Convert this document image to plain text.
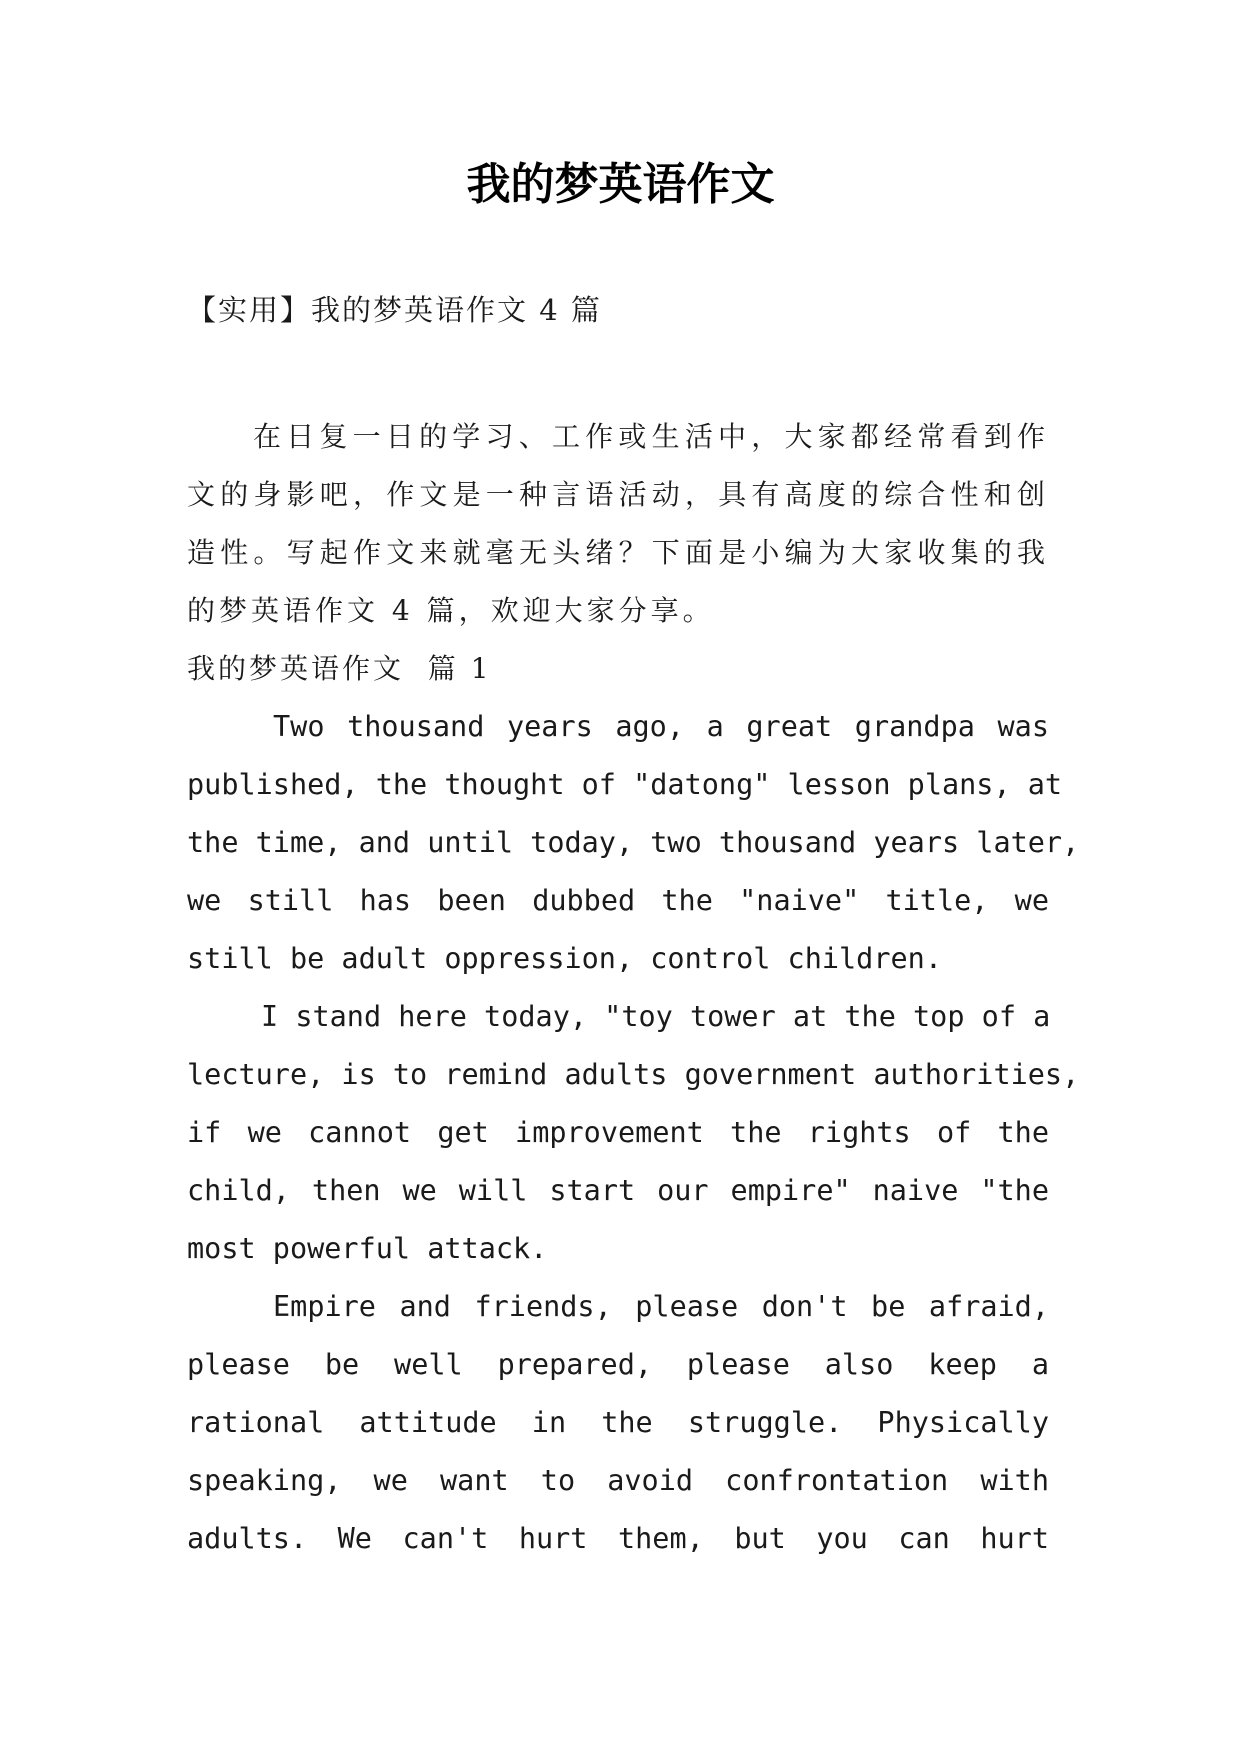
我的梦英语作文
【实用】我的梦英语作文 4 篇

在日复一日的学习、工作或生活中，大家都经常看到作
文的身影吧，作文是一种言语活动，具有高度的综合性和创
造性。写起作文来就毫无头绪？下面是小编为大家收集的我
的梦英语作文 4 篇，欢迎大家分享。

我的梦英语作文  篇 1

Two thousand years ago, a great grandpa was
published, the thought of "datong" lesson plans, at
the time, and until today, two thousand years later,
we still has been dubbed the "naive" title, we
still be adult oppression, control children.

I stand here today, "toy tower at the top of a
lecture, is to remind adults government authorities,
if we cannot get improvement the rights of the
child, then we will start our empire" naive "the
most powerful attack.

Empire and friends, please don't be afraid,
please be well prepared, please also keep a
rational attitude in the struggle. Physically
speaking, we want to avoid confrontation with
adults. We can't hurt them, but you can hurt
